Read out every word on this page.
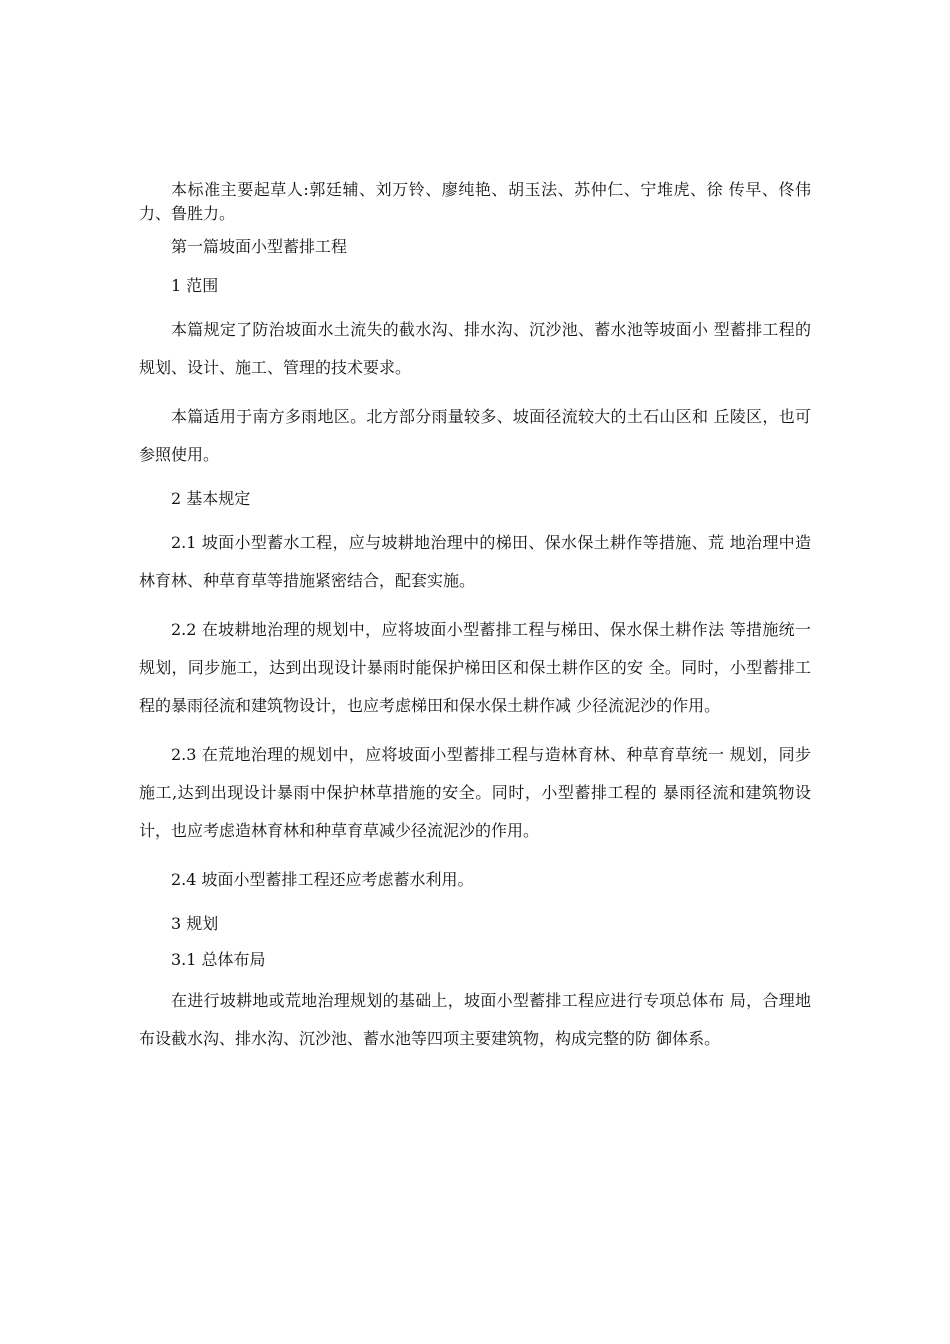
本标准主要起草人:郭廷辅、刘万铃、廖纯艳、胡玉法、苏仲仁、宁堆虎、徐 传早、佟伟力、鲁胜力。

第一篇坡面小型蓄排工程

1 范围

本篇规定了防治坡面水土流失的截水沟、排水沟、沉沙池、蓄水池等坡面小 型蓄排工程的规划、设计、施工、管理的技术要求。

本篇适用于南方多雨地区。北方部分雨量较多、坡面径流较大的土石山区和 丘陵区，也可参照使用。

2 基本规定

2.1 坡面小型蓄水工程，应与坡耕地治理中的梯田、保水保土耕作等措施、荒 地治理中造林育林、种草育草等措施紧密结合，配套实施。

2.2 在坡耕地治理的规划中，应将坡面小型蓄排工程与梯田、保水保土耕作法 等措施统一规划，同步施工，达到出现设计暴雨时能保护梯田区和保土耕作区的安 全。同时，小型蓄排工程的暴雨径流和建筑物设计，也应考虑梯田和保水保土耕作减 少径流泥沙的作用。

2.3 在荒地治理的规划中，应将坡面小型蓄排工程与造林育林、种草育草统一 规划，同步施工,达到出现设计暴雨中保护林草措施的安全。同时，小型蓄排工程的 暴雨径流和建筑物设计，也应考虑造林育林和种草育草减少径流泥沙的作用。

2.4 坡面小型蓄排工程还应考虑蓄水利用。

3 规划

3.1 总体布局

在进行坡耕地或荒地治理规划的基础上，坡面小型蓄排工程应进行专项总体布 局，合理地布设截水沟、排水沟、沉沙池、蓄水池等四项主要建筑物，构成完整的防 御体系。
